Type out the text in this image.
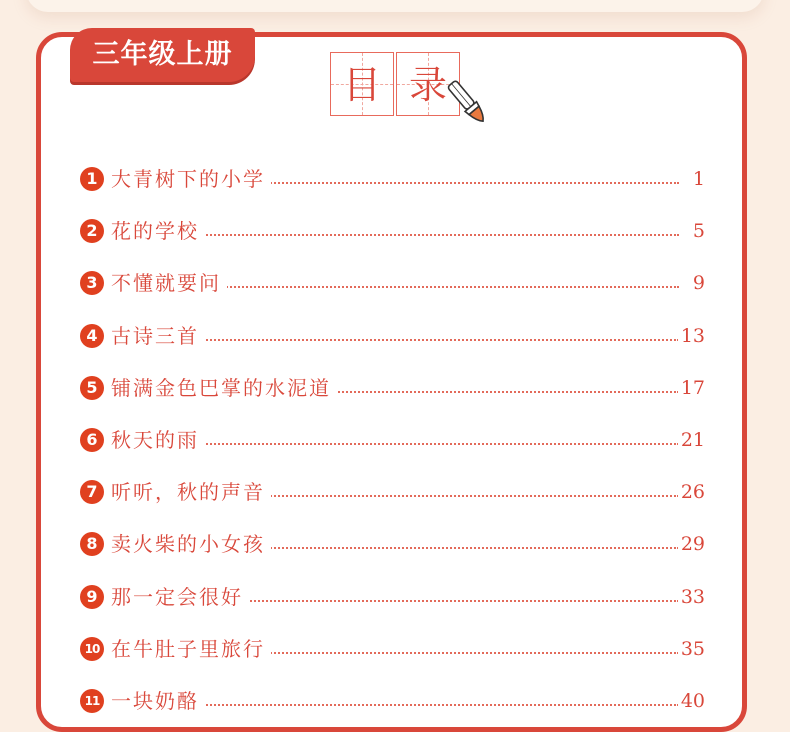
三年级上册
目 录
1 大青树下的小学	1
2 花的学校	5
3 不懂就要问	9
4 古诗三首	13
5 铺满金色巴掌的水泥道	17
6 秋天的雨	21
7 听听，秋的声音	26
8 卖火柴的小女孩	29
9 那一定会很好	33
10 在牛肚子里旅行	35
11 一块奶酪	40
